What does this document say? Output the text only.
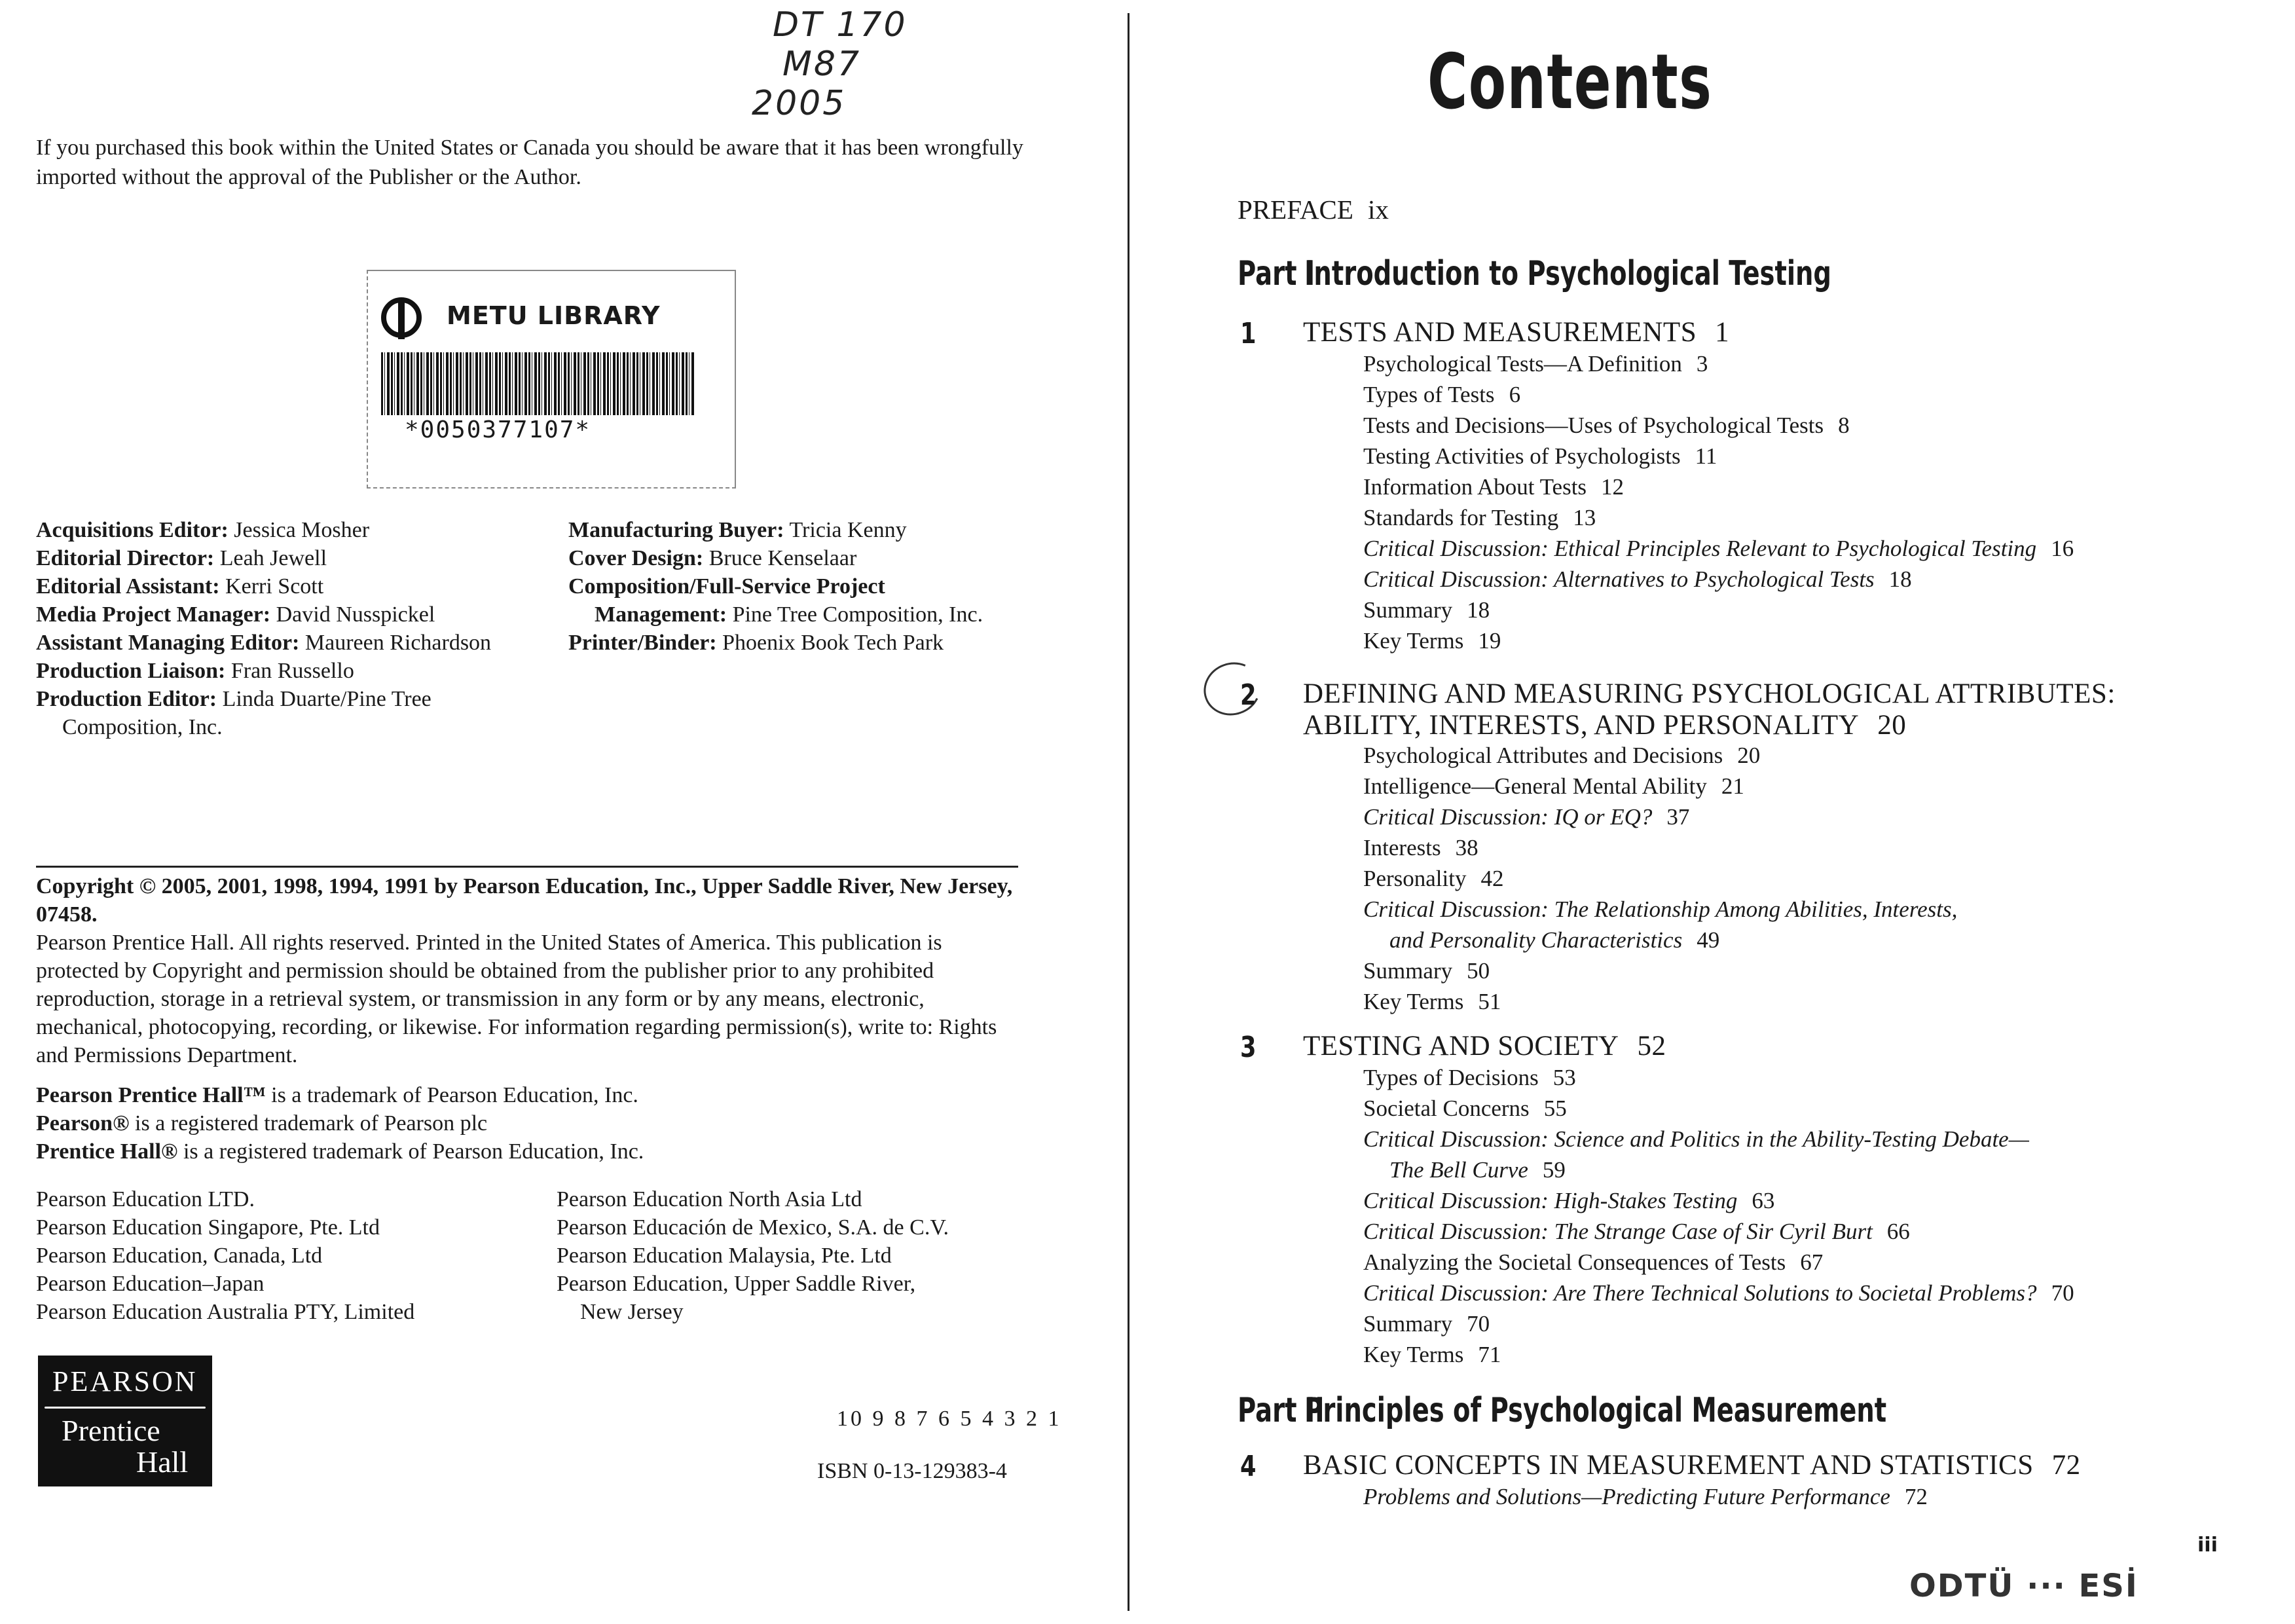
DT 170
M87
2005
If you purchased this book within the United States or Canada you should be aware that it has been wrongfully imported without the approval of the Publisher or the Author.
METU LIBRARY
*0050377107*
Acquisitions Editor: Jessica Mosher
Editorial Director: Leah Jewell
Editorial Assistant: Kerri Scott
Media Project Manager: David Nusspickel
Assistant Managing Editor: Maureen Richardson
Production Liaison: Fran Russello
Production Editor: Linda Duarte/Pine Tree Composition, Inc.
Manufacturing Buyer: Tricia Kenny
Cover Design: Bruce Kenselaar
Composition/Full-Service Project Management: Pine Tree Composition, Inc.
Printer/Binder: Phoenix Book Tech Park
Copyright © 2005, 2001, 1998, 1994, 1991 by Pearson Education, Inc., Upper Saddle River, New Jersey, 07458.
Pearson Prentice Hall. All rights reserved. Printed in the United States of America. This publication is protected by Copyright and permission should be obtained from the publisher prior to any prohibited reproduction, storage in a retrieval system, or transmission in any form or by any means, electronic, mechanical, photocopying, recording, or likewise. For information regarding permission(s), write to: Rights and Permissions Department.
Pearson Prentice Hall™ is a trademark of Pearson Education, Inc.
Pearson® is a registered trademark of Pearson plc
Prentice Hall® is a registered trademark of Pearson Education, Inc.
Pearson Education LTD.
Pearson Education Singapore, Pte. Ltd
Pearson Education, Canada, Ltd
Pearson Education–Japan
Pearson Education Australia PTY, Limited
Pearson Education North Asia Ltd
Pearson Educación de Mexico, S.A. de C.V.
Pearson Education Malaysia, Pte. Ltd
Pearson Education, Upper Saddle River,
New Jersey
PEARSON
Prentice
Hall
10 9 8 7 6 5 4 3 2 1
ISBN 0-13-129383-4
Contents
PREFACE ix
Part IIntroduction to Psychological Testing
1 TESTS AND MEASUREMENTS 1
Psychological Tests—A Definition 3
Types of Tests 6
Tests and Decisions—Uses of Psychological Tests 8
Testing Activities of Psychologists 11
Information About Tests 12
Standards for Testing 13
Critical Discussion: Ethical Principles Relevant to Psychological Testing 16
Critical Discussion: Alternatives to Psychological Tests 18
Summary 18
Key Terms 19
2 DEFINING AND MEASURING PSYCHOLOGICAL ATTRIBUTES:
ABILITY, INTERESTS, AND PERSONALITY 20
Psychological Attributes and Decisions 20
Intelligence—General Mental Ability 21
Critical Discussion: IQ or EQ? 37
Interests 38
Personality 42
Critical Discussion: The Relationship Among Abilities, Interests,
and Personality Characteristics 49
Summary 50
Key Terms 51
3 TESTING AND SOCIETY 52
Types of Decisions 53
Societal Concerns 55
Critical Discussion: Science and Politics in the Ability-Testing Debate—
The Bell Curve 59
Critical Discussion: High-Stakes Testing 63
Critical Discussion: The Strange Case of Sir Cyril Burt 66
Analyzing the Societal Consequences of Tests 67
Critical Discussion: Are There Technical Solutions to Societal Problems? 70
Summary 70
Key Terms 71
Part IIPrinciples of Psychological Measurement
4 BASIC CONCEPTS IN MEASUREMENT AND STATISTICS 72
Problems and Solutions—Predicting Future Performance 72
iii
ODTÜ ··· ESİ
